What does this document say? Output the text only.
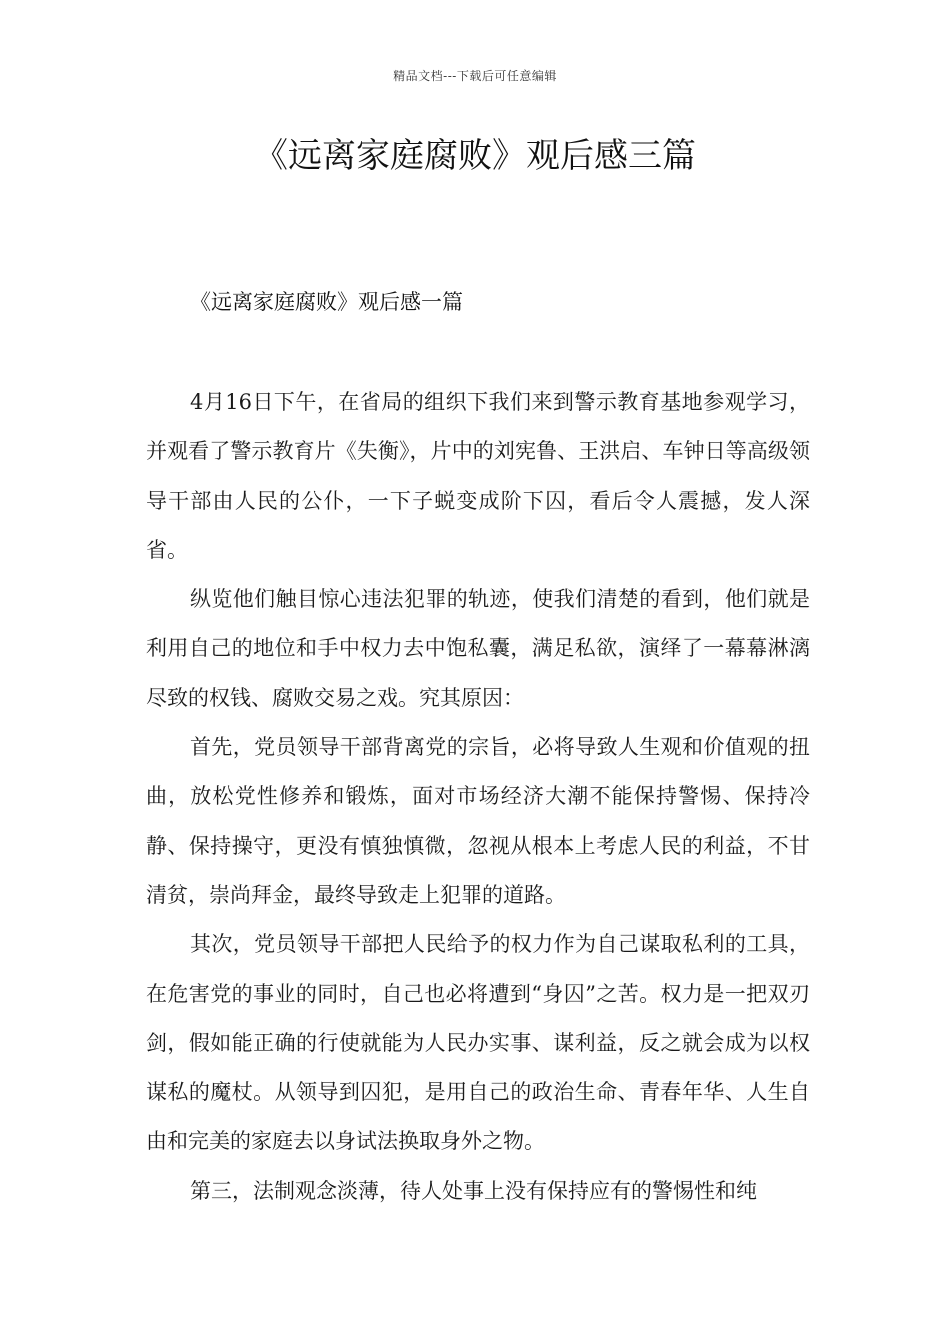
精品文档---下载后可任意编辑
《远离家庭腐败》观后感三篇

《远离家庭腐败》观后感一篇

4月16日下午，在省局的组织下我们来到警示教育基地参观学习，并观看了警示教育片《失衡》，片中的刘宪鲁、王洪启、车钟日等高级领导干部由人民的公仆，一下子蜕变成阶下囚，看后令人震撼，发人深省。

纵览他们触目惊心违法犯罪的轨迹，使我们清楚的看到，他们就是利用自己的地位和手中权力去中饱私囊，满足私欲，演绎了一幕幕淋漓尽致的权钱、腐败交易之戏。究其原因：

首先，党员领导干部背离党的宗旨，必将导致人生观和价值观的扭曲，放松党性修养和锻炼，面对市场经济大潮不能保持警惕、保持冷静、保持操守，更没有慎独慎微，忽视从根本上考虑人民的利益，不甘清贫，崇尚拜金，最终导致走上犯罪的道路。

其次，党员领导干部把人民给予的权力作为自己谋取私利的工具，在危害党的事业的同时，自己也必将遭到“身囚”之苦。权力是一把双刃剑，假如能正确的行使就能为人民办实事、谋利益，反之就会成为以权谋私的魔杖。从领导到囚犯，是用自己的政治生命、青春年华、人生自由和完美的家庭去以身试法换取身外之物。

第三，法制观念淡薄，待人处事上没有保持应有的警惕性和纯
